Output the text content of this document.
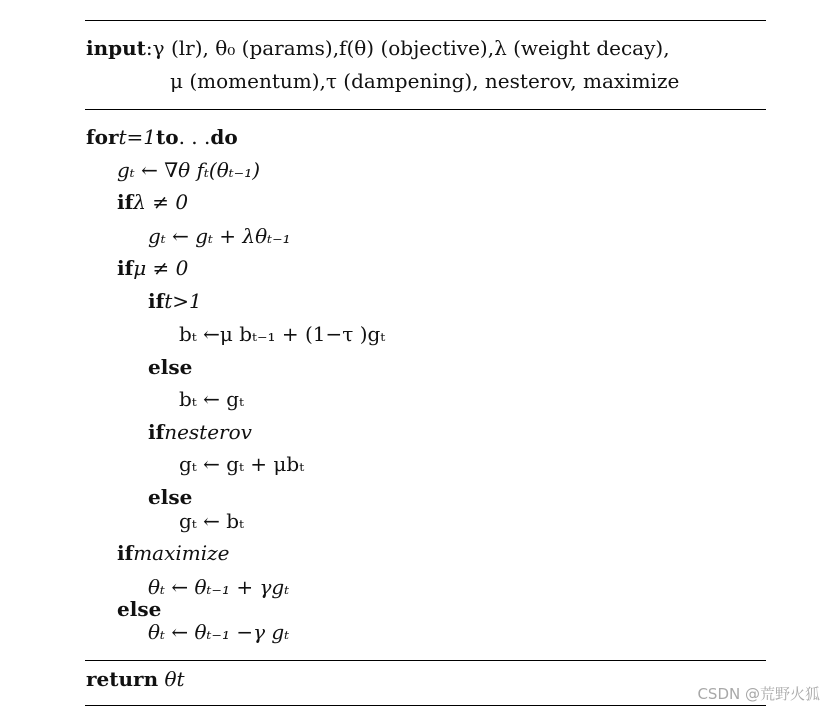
input:γ (lr), θ₀ (params),f(θ) (objective),λ (weight decay),
μ (momentum),τ (dampening), nesterov, maximize
fort=1to. . .do
gₜ ← ∇θ fₜ(θₜ₋₁)
ifλ ≠ 0
gₜ ← gₜ + λθₜ₋₁
ifμ ≠ 0
ift>1
bₜ ←μ bₜ₋₁ + (1−τ )gₜ
else
bₜ ← gₜ
ifnesterov
gₜ ← gₜ + μbₜ
else
gₜ ← bₜ
ifmaximize
θₜ ← θₜ₋₁ + γgₜ
else
θₜ ← θₜ₋₁ −γ gₜ
return θt
CSDN @荒野火狐
